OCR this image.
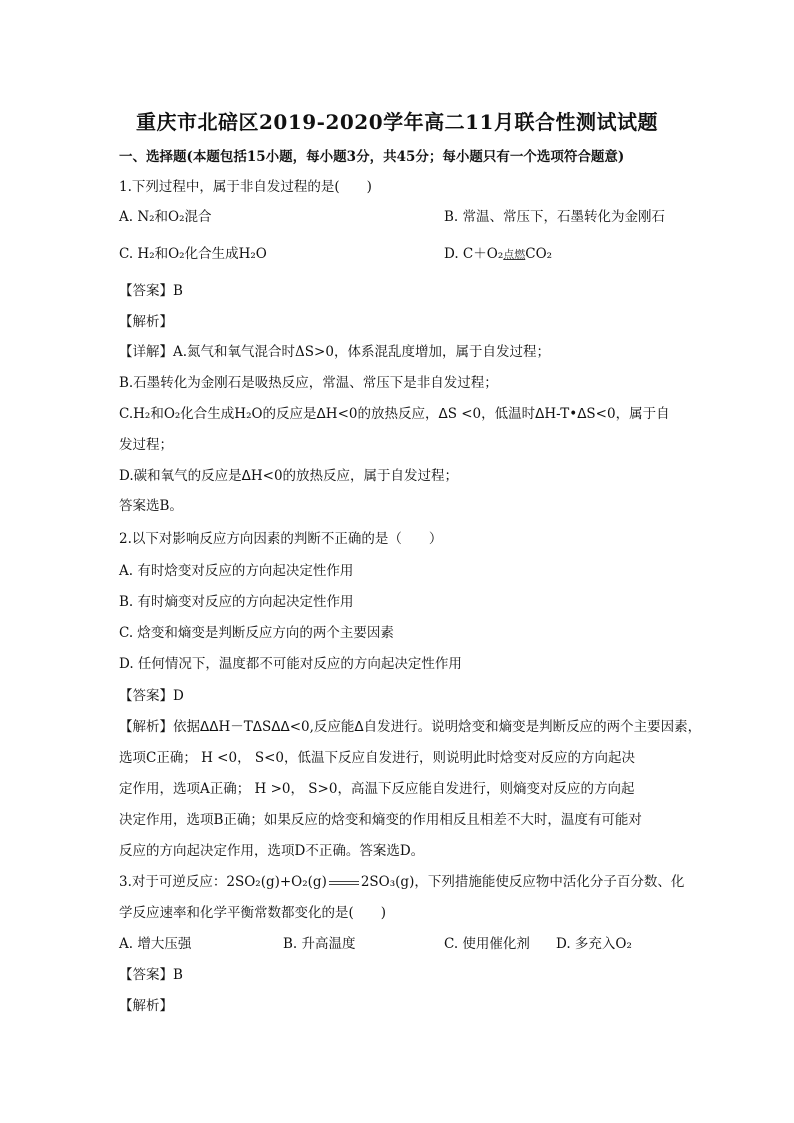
重庆市北碚区2019-2020学年高二11月联合性测试试题
一、选择题(本题包括15小题，每小题3分，共45分；每小题只有一个选项符合题意)
1.下列过程中，属于非自发过程的是(　　)
A. N₂和O₂混合	B. 常温、常压下，石墨转化为金刚石
C. H₂和O₂化合生成H₂O	D. C＋O₂点燃CO₂
【答案】B
【解析】
【详解】A.氮气和氧气混合时ΔS>0，体系混乱度增加，属于自发过程；
B.石墨转化为金刚石是吸热反应，常温、常压下是非自发过程；
C.H₂和O₂化合生成H₂O的反应是ᐃH<0的放热反应，ᐃS <0，低温时ᐃH-T•ᐃS<0，属于自
发过程；
D.碳和氧气的反应是ᐃH<0的放热反应，属于自发过程；
答案选B。
2.以下对影响反应方向因素的判断不正确的是（　　）
A. 有时焓变对反应的方向起决定性作用
B. 有时熵变对反应的方向起决定性作用
C. 焓变和熵变是判断反应方向的两个主要因素
D. 任何情况下，温度都不可能对反应的方向起决定性作用
【答案】D
【解析】依据ᐃᐃH－TᐃSᐃᐃ<0,反应能ᐃ自发进行。说明焓变和熵变是判断反应的两个主要因素，
选项C正确； H <0， S<0，低温下反应自发进行，则说明此时焓变对反应的方向起决
定作用，选项A正确； H >0， S>0，高温下反应能自发进行，则熵变对反应的方向起
决定作用，选项B正确；如果反应的焓变和熵变的作用相反且相差不大时，温度有可能对
反应的方向起决定作用，选项D不正确。答案选D。
3.对于可逆反应：2SO₂(g)+O₂(g)	2SO₃(g)，下列措施能使反应物中活化分子百分数、化
学反应速率和化学平衡常数都变化的是(　　)
A. 增大压强	B. 升高温度	C. 使用催化剂 D. 多充入O₂
【答案】B
【解析】
